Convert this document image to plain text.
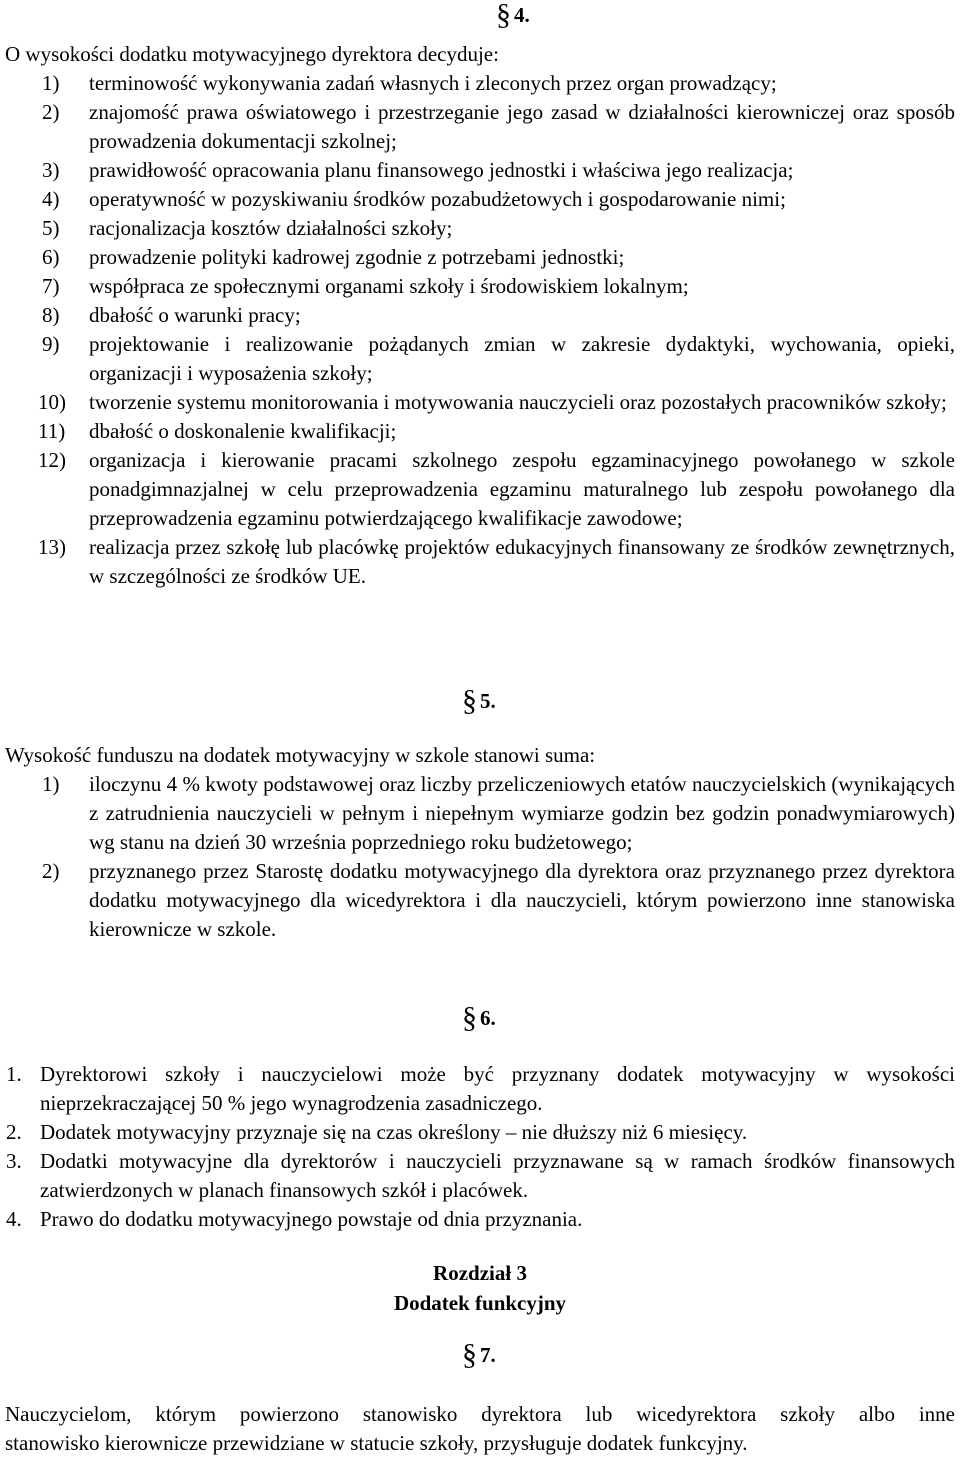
§ 4.
O wysokości dodatku motywacyjnego dyrektora decyduje:
1) terminowość wykonywania zadań własnych i zleconych przez organ prowadzący;
2) znajomość prawa oświatowego i przestrzeganie jego zasad w działalności kierowniczej oraz sposób prowadzenia dokumentacji szkolnej;
3) prawidłowość opracowania planu finansowego jednostki i właściwa jego realizacja;
4) operatywność w pozyskiwaniu środków pozabudżetowych i gospodarowanie nimi;
5) racjonalizacja kosztów działalności szkoły;
6) prowadzenie polityki kadrowej zgodnie z potrzebami jednostki;
7) współpraca ze społecznymi organami szkoły i środowiskiem lokalnym;
8) dbałość o warunki pracy;
9) projektowanie i realizowanie pożądanych zmian w zakresie dydaktyki, wychowania, opieki, organizacji i wyposażenia szkoły;
10) tworzenie systemu monitorowania i motywowania nauczycieli oraz pozostałych pracowników szkoły;
11) dbałość o doskonalenie kwalifikacji;
12) organizacja i kierowanie pracami szkolnego zespołu egzaminacyjnego powołanego w szkole ponadgimnazjalnej w celu przeprowadzenia egzaminu maturalnego lub zespołu powołanego dla przeprowadzenia egzaminu potwierdzającego kwalifikacje zawodowe;
13) realizacja przez szkołę lub placówkę projektów edukacyjnych finansowany ze środków zewnętrznych, w szczególności ze środków UE.
§ 5.
Wysokość funduszu na dodatek motywacyjny w szkole stanowi suma:
1) iloczynu 4 % kwoty podstawowej oraz liczby przeliczeniowych etatów nauczycielskich (wynikających z zatrudnienia nauczycieli w pełnym i niepełnym wymiarze godzin bez godzin ponadwymiarowych) wg stanu na dzień 30 września poprzedniego roku budżetowego;
2) przyznanego przez Starostę dodatku motywacyjnego dla dyrektora oraz przyznanego przez dyrektora dodatku motywacyjnego dla wicedyrektora i dla nauczycieli, którym powierzono inne stanowiska kierownicze w szkole.
§ 6.
1. Dyrektorowi szkoły i nauczycielowi może być przyznany dodatek motywacyjny w wysokości nieprzekraczającej 50 % jego wynagrodzenia zasadniczego.
2. Dodatek motywacyjny przyznaje się na czas określony – nie dłuższy niż 6 miesięcy.
3. Dodatki motywacyjne dla dyrektorów i nauczycieli przyznawane są w ramach środków finansowych zatwierdzonych w planach finansowych szkół i placówek.
4. Prawo do dodatku motywacyjnego powstaje od dnia przyznania.
Rozdział 3
Dodatek funkcyjny
§ 7.
Nauczycielom, którym powierzono stanowisko dyrektora lub wicedyrektora szkoły albo inne
stanowisko kierownicze przewidziane w statucie szkoły, przysługuje dodatek funkcyjny.
